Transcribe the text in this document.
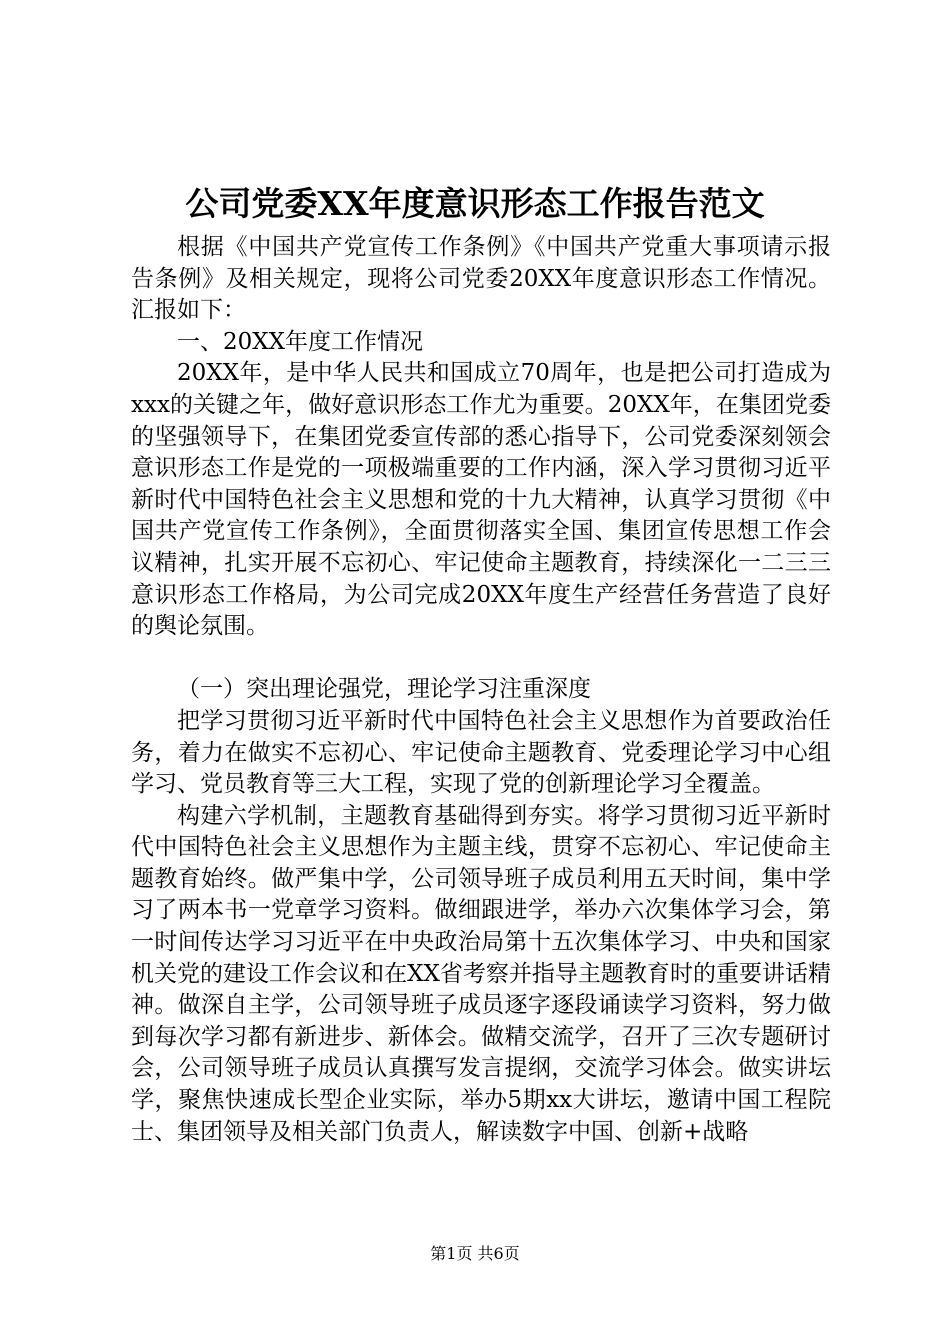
公司党委XX年度意识形态工作报告范文

根据《中国共产党宣传工作条例》《中国共产党重大事项请示报告条例》及相关规定，现将公司党委20XX年度意识形态工作情况。汇报如下：

一、20XX年度工作情况

20XX年，是中华人民共和国成立70周年，也是把公司打造成为xxx的关键之年，做好意识形态工作尤为重要。20XX年，在集团党委的坚强领导下，在集团党委宣传部的悉心指导下，公司党委深刻领会意识形态工作是党的一项极端重要的工作内涵，深入学习贯彻习近平新时代中国特色社会主义思想和党的十九大精神，认真学习贯彻《中国共产党宣传工作条例》，全面贯彻落实全国、集团宣传思想工作会议精神，扎实开展不忘初心、牢记使命主题教育，持续深化一二三三意识形态工作格局，为公司完成20XX年度生产经营任务营造了良好的舆论氛围。

（一）突出理论强党，理论学习注重深度

把学习贯彻习近平新时代中国特色社会主义思想作为首要政治任务，着力在做实不忘初心、牢记使命主题教育、党委理论学习中心组学习、党员教育等三大工程，实现了党的创新理论学习全覆盖。

构建六学机制，主题教育基础得到夯实。将学习贯彻习近平新时代中国特色社会主义思想作为主题主线，贯穿不忘初心、牢记使命主题教育始终。做严集中学，公司领导班子成员利用五天时间，集中学习了两本书一党章学习资料。做细跟进学，举办六次集体学习会，第一时间传达学习习近平在中央政治局第十五次集体学习、中央和国家机关党的建设工作会议和在XX省考察并指导主题教育时的重要讲话精神。做深自主学，公司领导班子成员逐字逐段诵读学习资料，努力做到每次学习都有新进步、新体会。做精交流学，召开了三次专题研讨会，公司领导班子成员认真撰写发言提纲，交流学习体会。做实讲坛学，聚焦快速成长型企业实际，举办5期xx大讲坛，邀请中国工程院士、集团领导及相关部门负责人，解读数字中国、创新+战略

第1页 共6页
